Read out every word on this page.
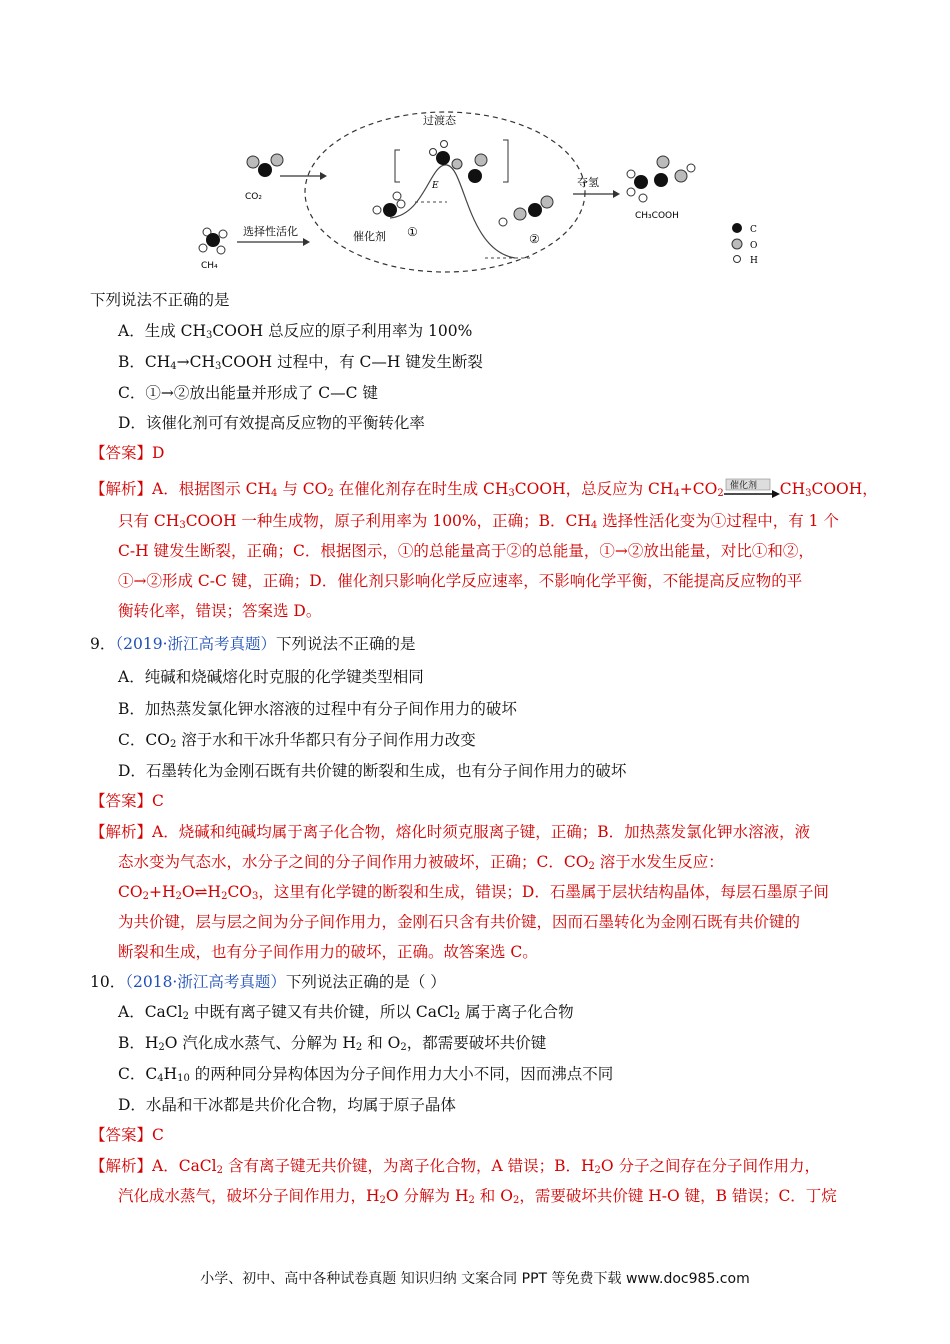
过渡态
CO₂
CH₄
选择性活化
E
催化剂 ①	②
夺氢
CH₃COOH
C
O
H
下列说法不正确的是
A．生成 $CH_3COOH$ 总反应的原子利用率为 100%
B．$CH_4\to CH_3COOH$ 过程中，有 C—H 键发生断裂
C．①→②放出能量并形成了 C—C 键
D．该催化剂可有效提高反应物的平衡转化率
【答案】D
【解析】A．根据图示 $CH_4$ 与 $CO_2$ 在催化剂存在时生成 $CH_3COOH$，总反应为 $CH_4+CO_2$
催化剂 $CH_3COOH$，
只有 $CH_3COOH$ 一种生成物，原子利用率为 100%，正确；B．$CH_4$ 选择性活化变为①过程中，有 1 个
C-H 键发生断裂，正确；C．根据图示，①的总能量高于②的总能量，①→②放出能量，对比①和②，
①→②形成 C-C 键，正确；D．催化剂只影响化学反应速率，不影响化学平衡，不能提高反应物的平
衡转化率，错误；答案选 D。
9．（2019·浙江高考真题）下列说法不正确的是
A．纯碱和烧碱熔化时克服的化学键类型相同
B．加热蒸发氯化钾水溶液的过程中有分子间作用力的破坏
C．$CO_2$ 溶于水和干冰升华都只有分子间作用力改变
D．石墨转化为金刚石既有共价键的断裂和生成，也有分子间作用力的破坏
【答案】C
【解析】A．烧碱和纯碱均属于离子化合物，熔化时须克服离子键，正确；B．加热蒸发氯化钾水溶液，液
态水变为气态水，水分子之间的分子间作用力被破坏，正确；C．$CO_2$ 溶于水发生反应：
$CO_2+H_2O\rightleftharpoons H_2CO_3$，这里有化学键的断裂和生成，错误；D．石墨属于层状结构晶体，每层石墨原子间
为共价键，层与层之间为分子间作用力，金刚石只含有共价键，因而石墨转化为金刚石既有共价键的
断裂和生成，也有分子间作用力的破坏，正确。故答案选 C。
10．（2018·浙江高考真题）下列说法正确的是（ ）
A．CaCl$_2$ 中既有离子键又有共价键，所以 CaCl$_2$ 属于离子化合物
B．$H_2O$ 汽化成水蒸气、分解为 $H_2$ 和 $O_2$，都需要破坏共价键
C．$C_4H_{10}$ 的两种同分异构体因为分子间作用力大小不同，因而沸点不同
D．水晶和干冰都是共价化合物，均属于原子晶体
【答案】C
【解析】A．CaCl$_2$ 含有离子键无共价键，为离子化合物，A 错误；B．$H_2O$ 分子之间存在分子间作用力，
汽化成水蒸气，破坏分子间作用力，$H_2O$ 分解为 $H_2$ 和 $O_2$，需要破坏共价键 H-O 键，B 错误；C．丁烷
小学、初中、高中各种试卷真题 知识归纳 文案合同 PPT 等免费下载 www.doc985.com
